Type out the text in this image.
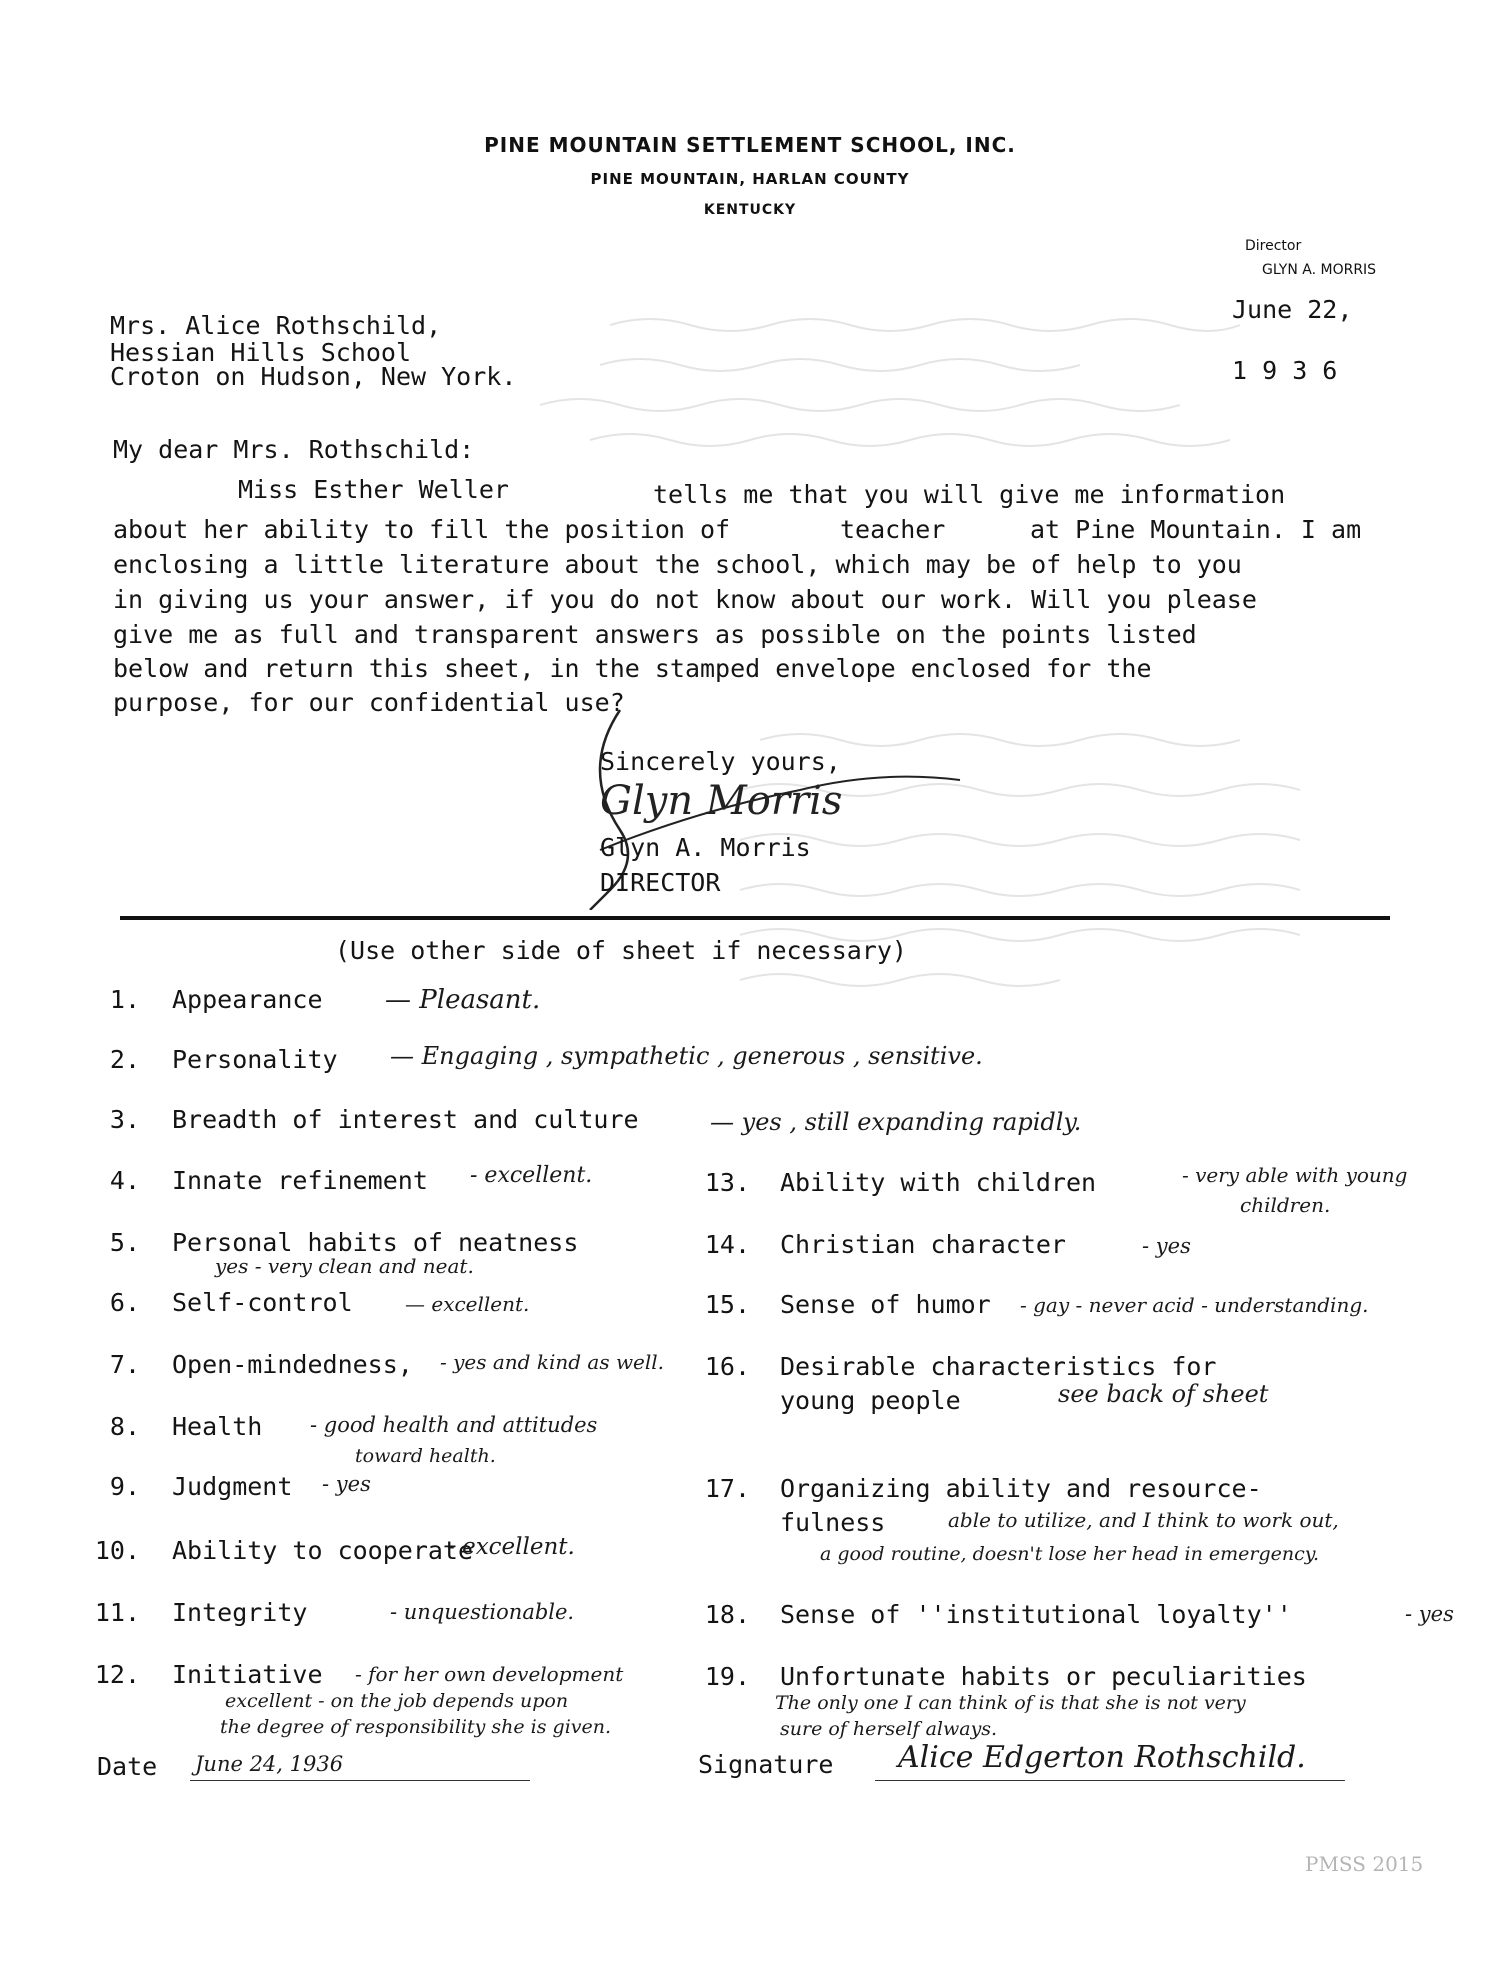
PINE MOUNTAIN SETTLEMENT SCHOOL, INC.
PINE MOUNTAIN, HARLAN COUNTY
KENTUCKY
Director
GLYN A. MORRIS
June 22,
1 9 3 6
Mrs. Alice Rothschild,
Hessian Hills School
Croton on Hudson, New York.
My dear Mrs. Rothschild:
Miss Esther Weller	tells me that you will give me information
about her ability to fill the position of	teacher	at Pine Mountain. I am
enclosing a little literature about the school, which may be of help to you
in giving us your answer, if you do not know about our work. Will you please
give me as full and transparent answers as possible on the points listed
below and return this sheet, in the stamped envelope enclosed for the
purpose, for our confidential use?
Sincerely yours,
Glyn Morris
Glyn A. Morris
DIRECTOR
(Use other side of sheet if necessary)
1. Appearance — Pleasant.
2. Personality — Engaging , sympathetic , generous , sensitive.
3. Breadth of interest and culture	— yes , still expanding rapidly.
4. Innate refinement - excellent.
5. Personal habits of neatness
yes - very clean and neat.
6. Self-control	— excellent.
7. Open-mindedness, - yes and kind as well.
8. Health - good health and attitudes
toward health.
9. Judgment - yes
10. Ability to cooperate
- excellent.
11. Integrity	- unquestionable.
12. Initiative - for her own development
excellent - on the job depends upon
the degree of responsibility she is given.
13. Ability with children	- very able with young
children.
14. Christian character	- yes
15. Sense of humor - gay - never acid - understanding.
16. Desirable characteristics for
young people	see back of sheet
17. Organizing ability and resource-
fulness	able to utilize, and I think to work out,
a good routine, doesn't lose her head in emergency.
18. Sense of ''institutional loyalty''	- yes
19. Unfortunate habits or peculiarities
The only one I can think of is that she is not very
sure of herself always.
Date June 24, 1936	Signature Alice Edgerton Rothschild.
PMSS 2015
